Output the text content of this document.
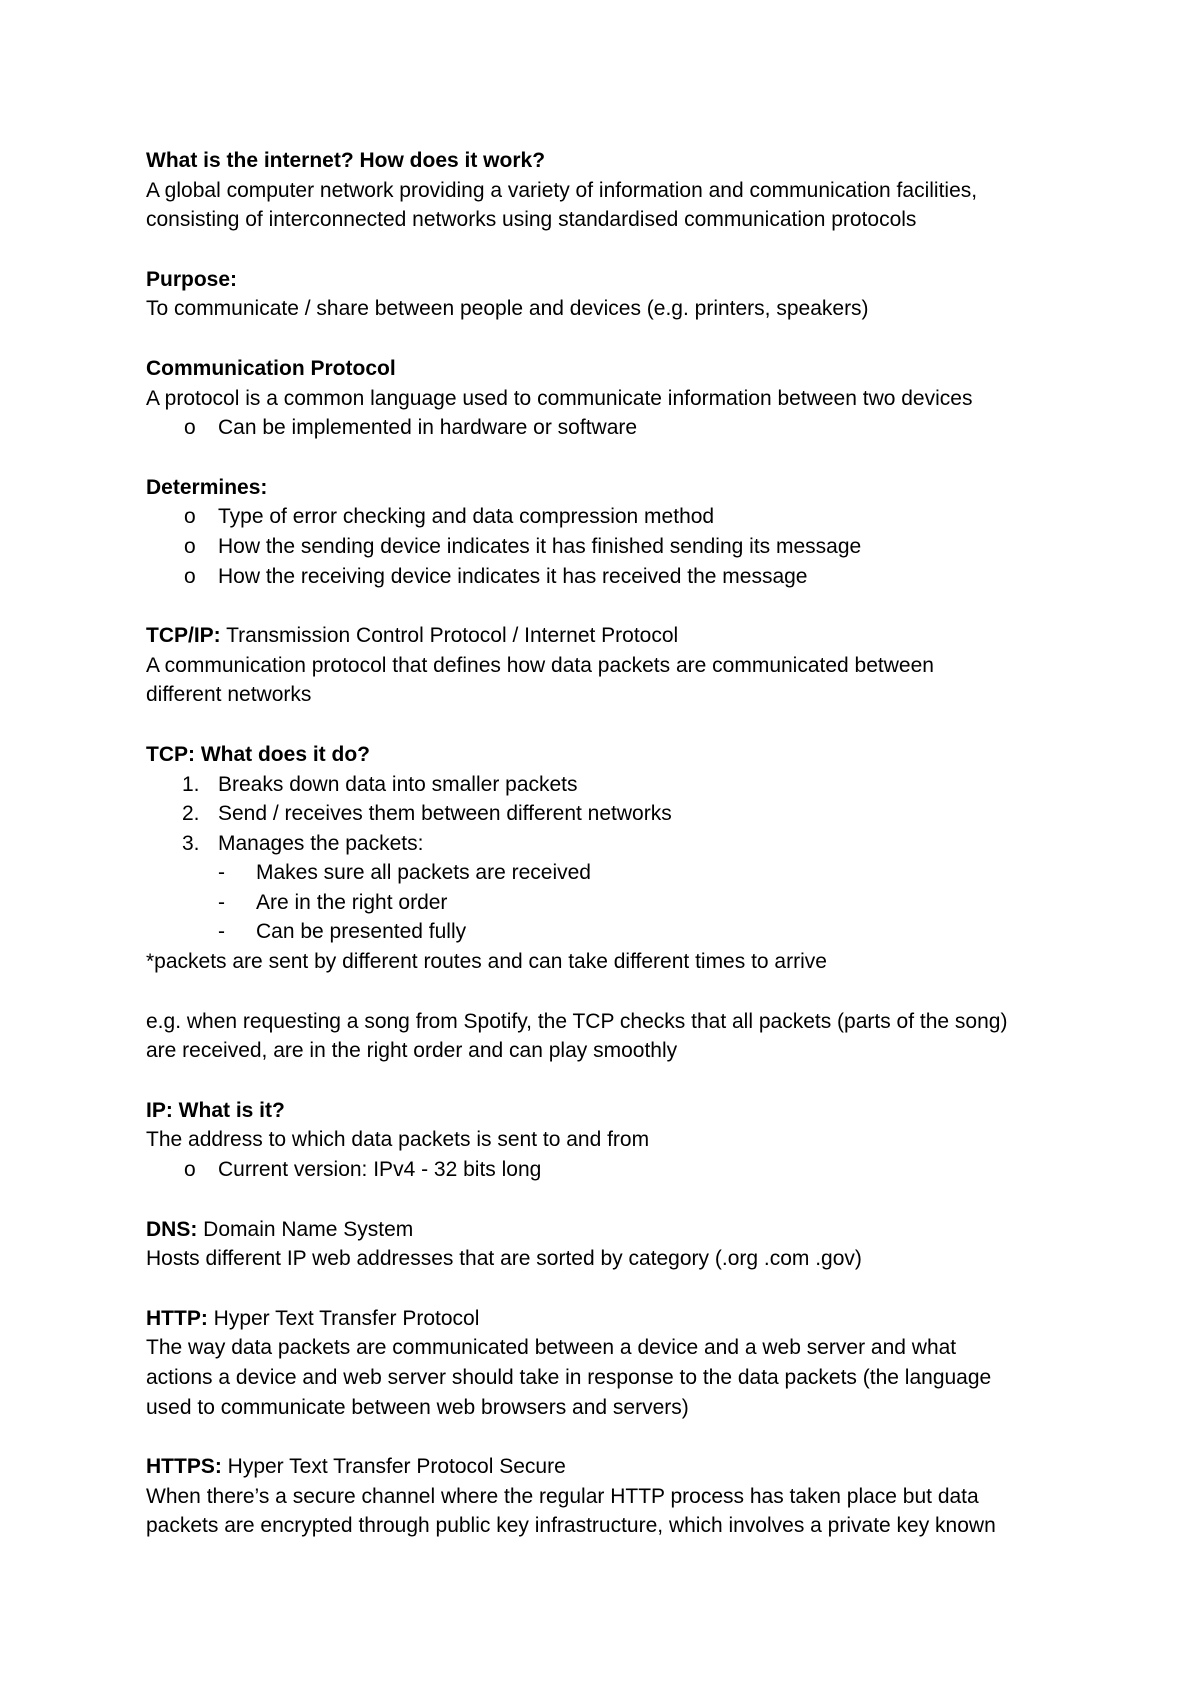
What is the internet? How does it work?
A global computer network providing a variety of information and communication facilities,
consisting of interconnected networks using standardised communication protocols
Purpose:
To communicate / share between people and devices (e.g. printers, speakers)
Communication Protocol
A protocol is a common language used to communicate information between two devices
o	Can be implemented in hardware or software
Determines:
o	Type of error checking and data compression method
o	How the sending device indicates it has finished sending its message
o	How the receiving device indicates it has received the message
TCP/IP: Transmission Control Protocol / Internet Protocol
A communication protocol that defines how data packets are communicated between
different networks
TCP: What does it do?
1. Breaks down data into smaller packets
2. Send / receives them between different networks
3. Manages the packets:
-	Makes sure all packets are received
-	Are in the right order
-	Can be presented fully
*packets are sent by different routes and can take different times to arrive
e.g. when requesting a song from Spotify, the TCP checks that all packets (parts of the song)
are received, are in the right order and can play smoothly
IP: What is it?
The address to which data packets is sent to and from
o	Current version: IPv4 - 32 bits long
DNS: Domain Name System
Hosts different IP web addresses that are sorted by category (.org .com .gov)
HTTP: Hyper Text Transfer Protocol
The way data packets are communicated between a device and a web server and what
actions a device and web server should take in response to the data packets (the language
used to communicate between web browsers and servers)
HTTPS: Hyper Text Transfer Protocol Secure
When there’s a secure channel where the regular HTTP process has taken place but data
packets are encrypted through public key infrastructure, which involves a private key known
